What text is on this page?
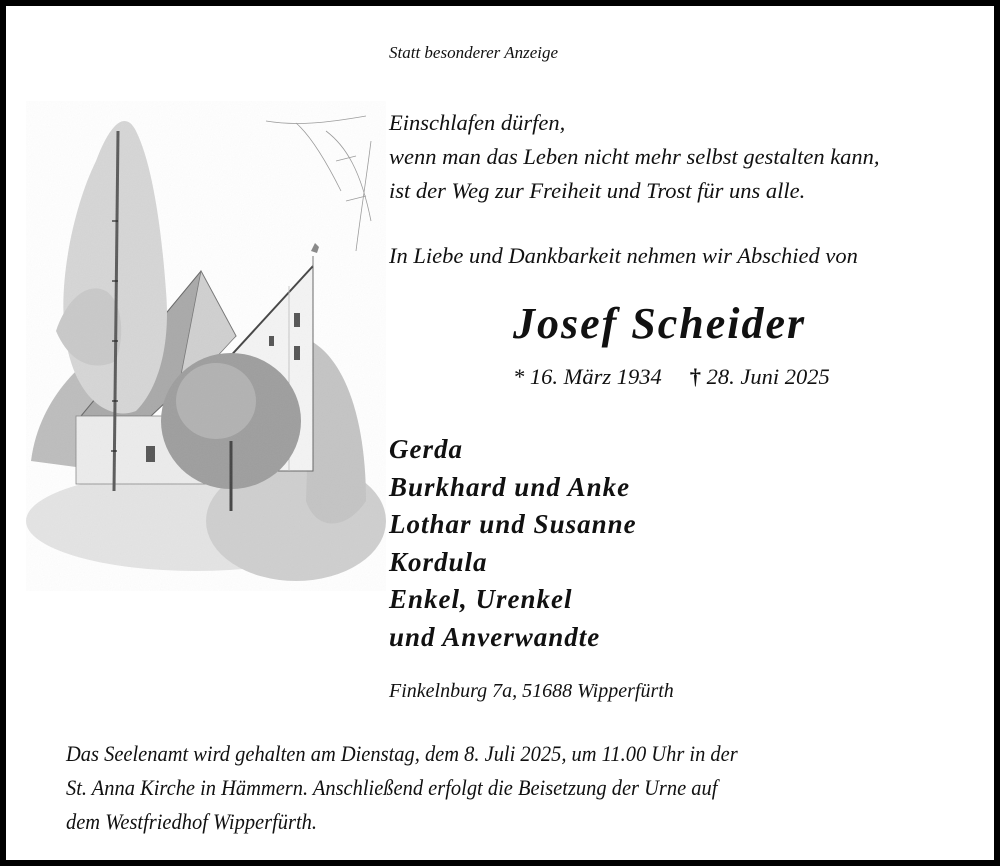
Statt besonderer Anzeige
Einschlafen dürfen,
wenn man das Leben nicht mehr selbst gestalten kann,
ist der Weg zur Freiheit und Trost für uns alle.
In Liebe und Dankbarkeit nehmen wir Abschied von
Josef Scheider
* 16. März 1934 † 28. Juni 2025
Gerda
Burkhard und Anke
Lothar und Susanne
Kordula
Enkel, Urenkel
und Anverwandte
Finkelnburg 7a, 51688 Wipperfürth
Das Seelenamt wird gehalten am Dienstag, dem 8. Juli 2025, um 11.00 Uhr in der
St. Anna Kirche in Hämmern. Anschließend erfolgt die Beisetzung der Urne auf
dem Westfriedhof Wipperfürth.
